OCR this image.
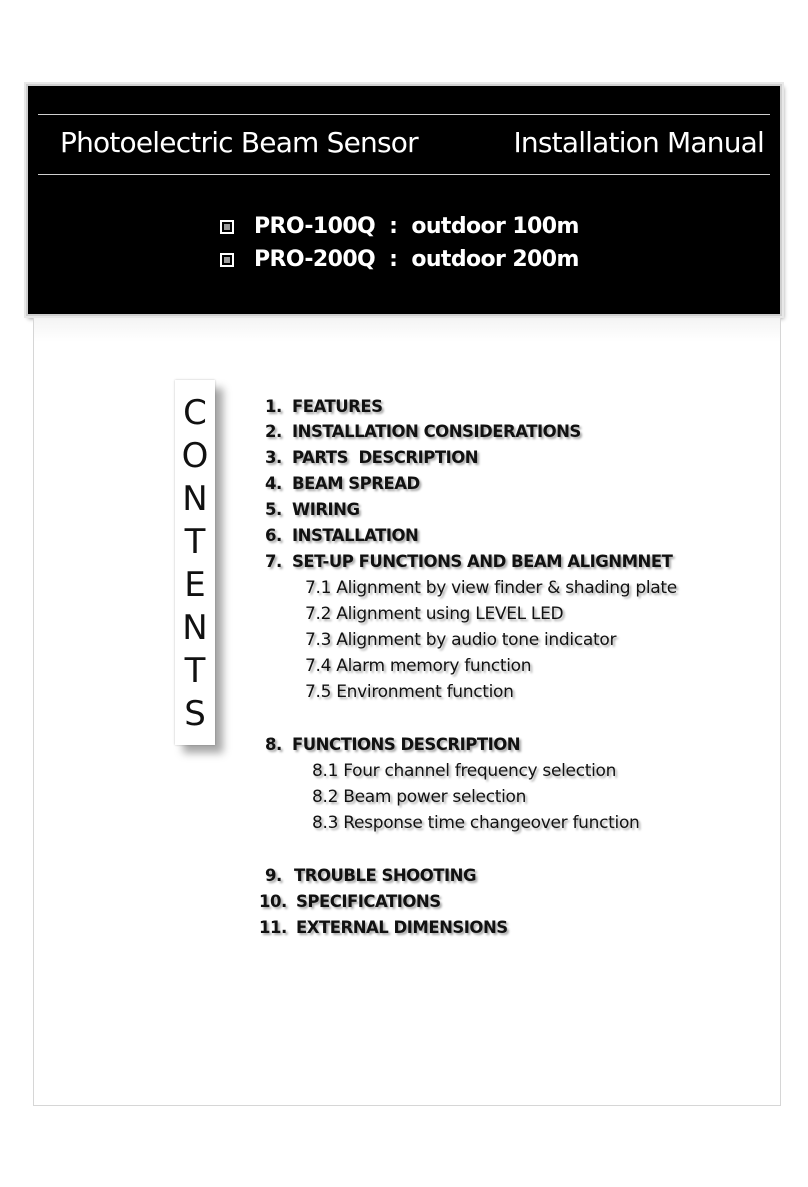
Photoelectric Beam Sensor	Installation Manual
PRO-100Q : outdoor 100m
PRO-200Q : outdoor 200m
C
O
N
T
E
N
T
S
1. FEATURES
2. INSTALLATION CONSIDERATIONS
3. PARTS  DESCRIPTION
4. BEAM SPREAD
5. WIRING
6. INSTALLATION
7. SET-UP FUNCTIONS AND BEAM ALIGNMNET
7.1 Alignment by view finder & shading plate
7.2 Alignment using LEVEL LED
7.3 Alignment by audio tone indicator
7.4 Alarm memory function
7.5 Environment function
8. FUNCTIONS DESCRIPTION
8.1 Four channel frequency selection
8.2 Beam power selection
8.3 Response time changeover function
9. TROUBLE SHOOTING
10. SPECIFICATIONS
11. EXTERNAL DIMENSIONS
